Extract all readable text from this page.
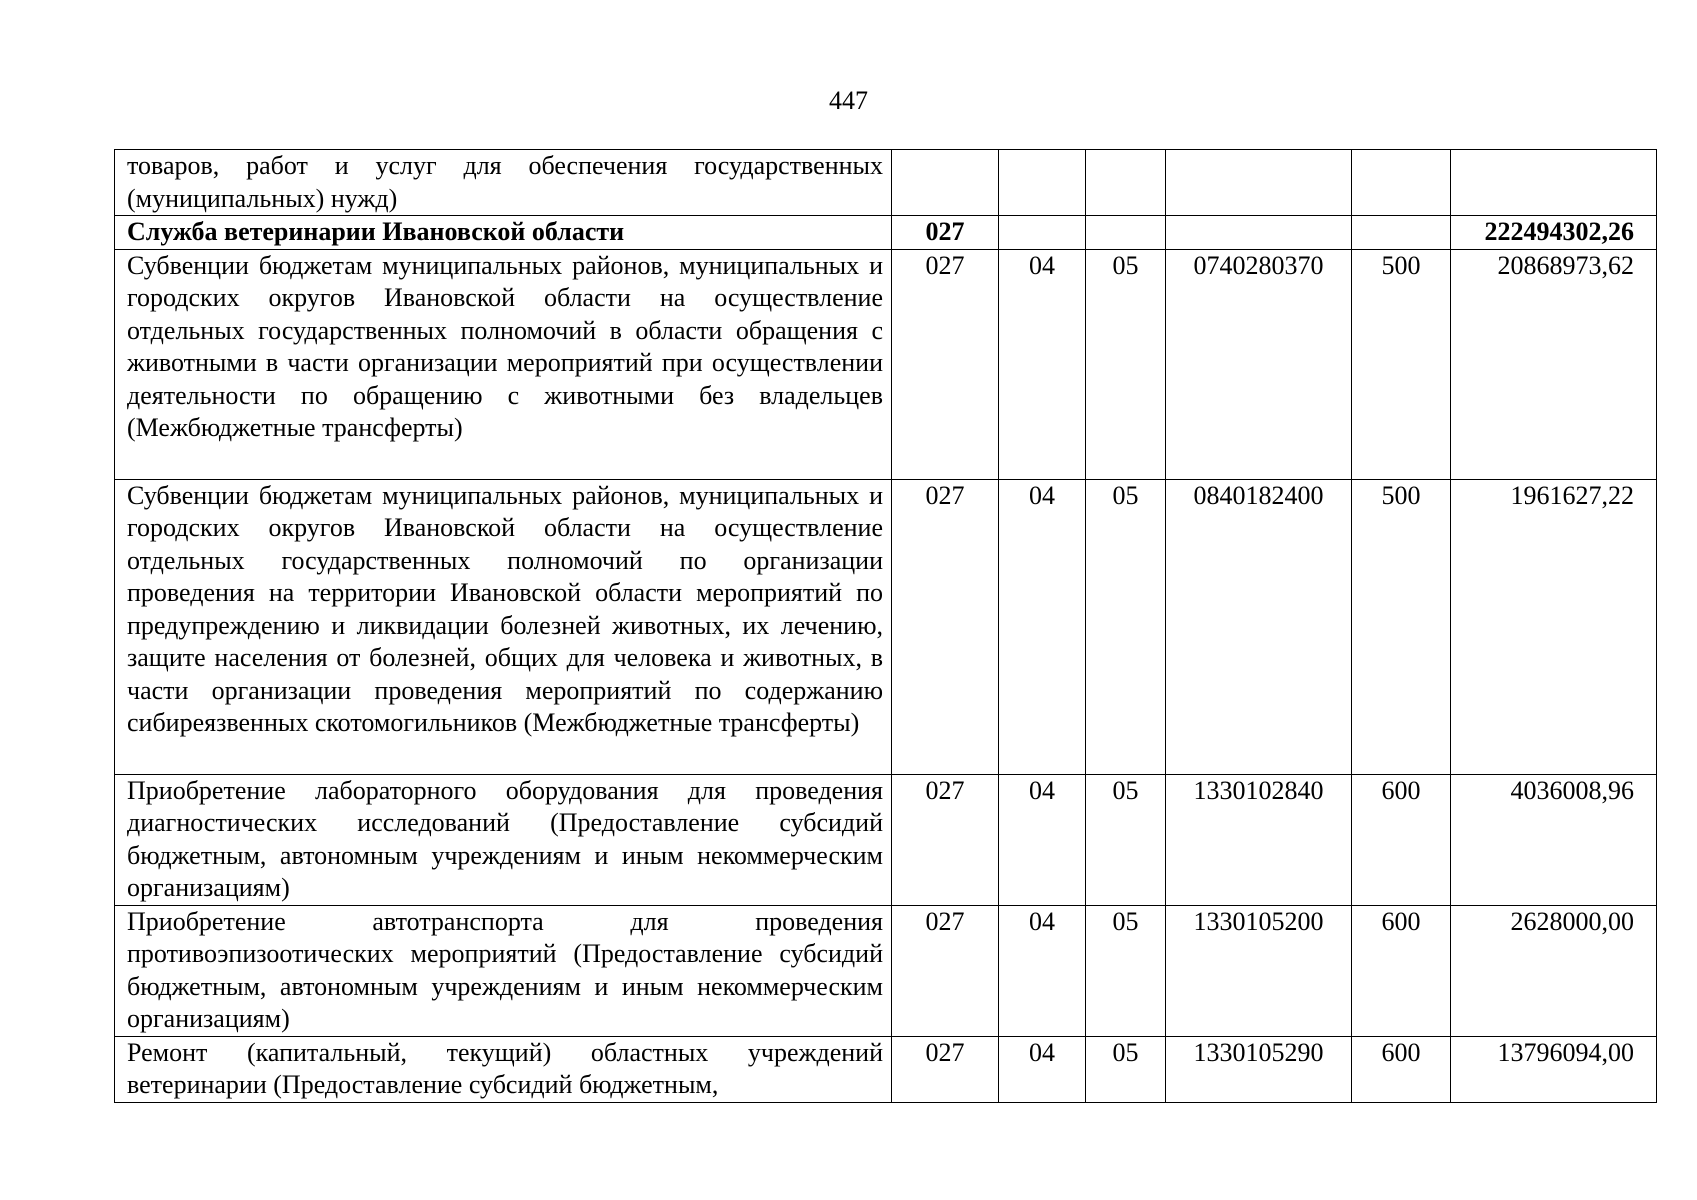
447
товаров, работ и услуг для обеспечения государственных (муниципальных) нужд)						
Служба ветеринарии Ивановской области	027					222494302,26
Субвенции бюджетам муниципальных районов, муниципальных и городских округов Ивановской области на осуществление отдельных государственных полномочий в области обращения с животными в части организации мероприятий при осуществлении деятельности по обращению с животными без владельцев (Межбюджетные трансферты)	027	04	05	0740280370	500	20868973,62
Субвенции бюджетам муниципальных районов, муниципальных и городских округов Ивановской области на осуществление отдельных государственных полномочий по организации проведения на территории Ивановской области мероприятий по предупреждению и ликвидации болезней животных, их лечению, защите населения от болезней, общих для человека и животных, в части организации проведения мероприятий по содержанию сибиреязвенных скотомогильников (Межбюджетные трансферты)	027	04	05	0840182400	500	1961627,22
Приобретение лабораторного оборудования для проведения диагностических исследований (Предоставление субсидий бюджетным, автономным учреждениям и иным некоммерческим организациям)	027	04	05	1330102840	600	4036008,96
Приобретение автотранспорта для проведения противоэпизоотических мероприятий (Предоставление субсидий бюджетным, автономным учреждениям и иным некоммерческим организациям)	027	04	05	1330105200	600	2628000,00
Ремонт (капитальный, текущий) областных учреждений ветеринарии (Предоставление субсидий бюджетным,	027	04	05	1330105290	600	13796094,00
